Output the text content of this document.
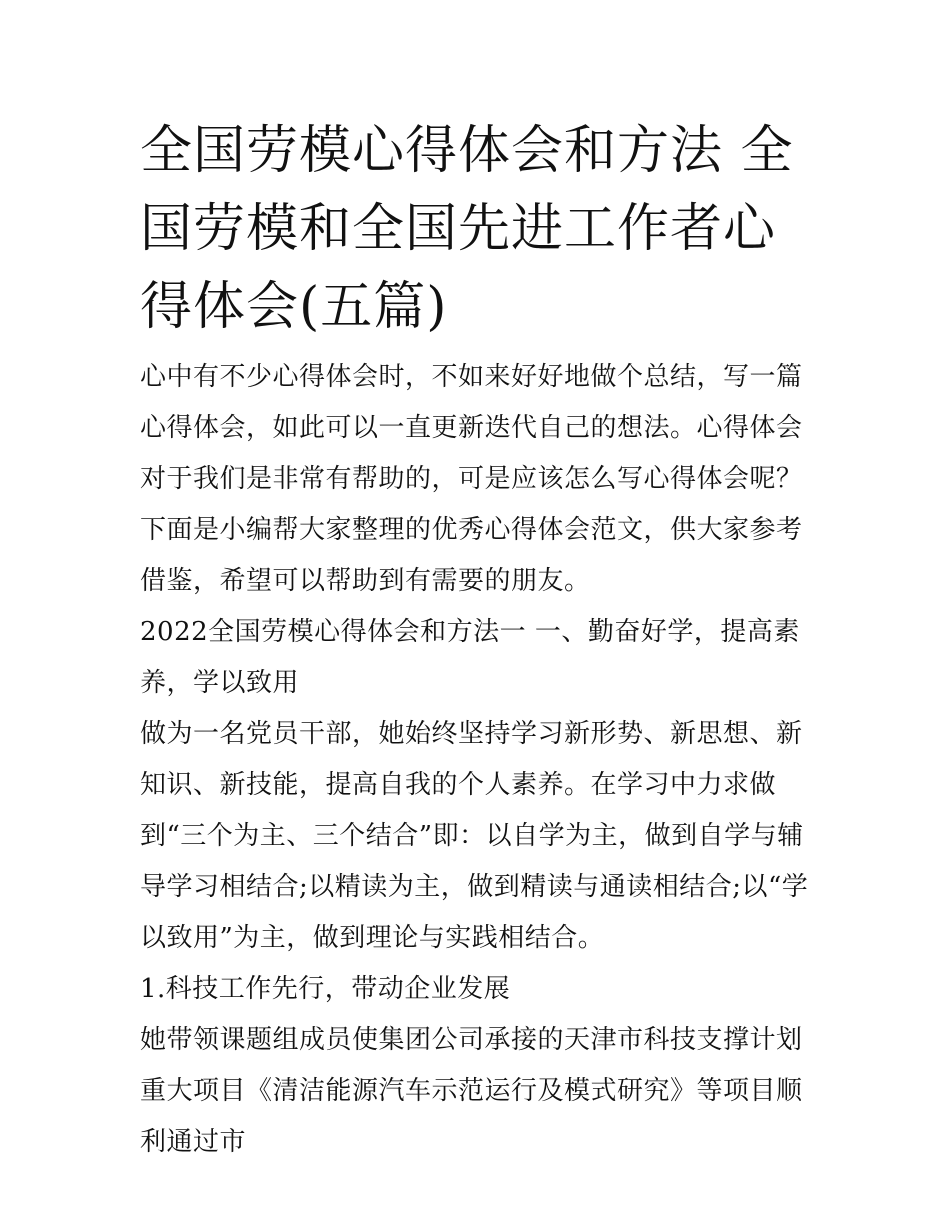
全国劳模心得体会和方法 全国劳模和全国先进工作者心得体会(五篇)

心中有不少心得体会时，不如来好好地做个总结，写一篇心得体会，如此可以一直更新迭代自己的想法。心得体会对于我们是非常有帮助的，可是应该怎么写心得体会呢？下面是小编帮大家整理的优秀心得体会范文，供大家参考借鉴，希望可以帮助到有需要的朋友。

2022全国劳模心得体会和方法一 一、勤奋好学，提高素养，学以致用

做为一名党员干部，她始终坚持学习新形势、新思想、新知识、新技能，提高自我的个人素养。在学习中力求做到“三个为主、三个结合”即：以自学为主，做到自学与辅导学习相结合;以精读为主，做到精读与通读相结合;以“学以致用”为主，做到理论与实践相结合。

1.科技工作先行，带动企业发展

她带领课题组成员使集团公司承接的天津市科技支撑计划重大项目《清洁能源汽车示范运行及模式研究》等项目顺利通过市
